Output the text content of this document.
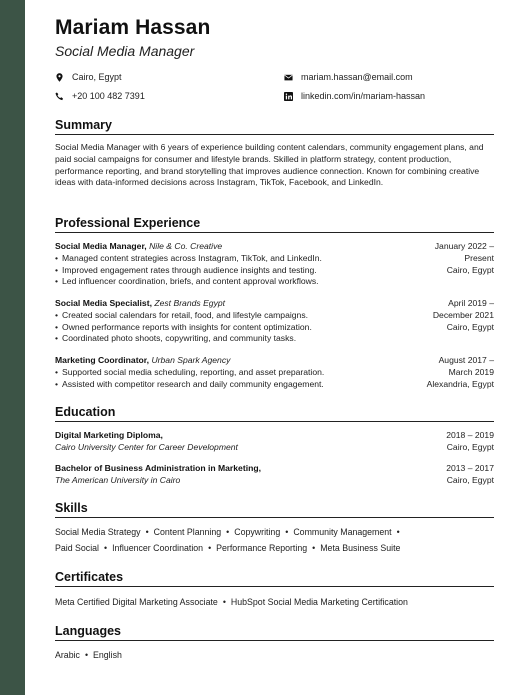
Mariam Hassan
Social Media Manager
Cairo, Egypt
+20 100 482 7391
mariam.hassan@email.com
linkedin.com/in/mariam-hassan
Summary
Social Media Manager with 6 years of experience building content calendars, community engagement plans, and paid social campaigns for consumer and lifestyle brands. Skilled in platform strategy, content production, performance reporting, and brand storytelling that improves audience connection. Known for combining creative ideas with data-informed decisions across Instagram, TikTok, Facebook, and LinkedIn.
Professional Experience
Social Media Manager, Nile & Co. Creative
• Managed content strategies across Instagram, TikTok, and LinkedIn.
• Improved engagement rates through audience insights and testing.
• Led influencer coordination, briefs, and content approval workflows.
January 2022 –
Present
Cairo, Egypt
Social Media Specialist, Zest Brands Egypt
• Created social calendars for retail, food, and lifestyle campaigns.
• Owned performance reports with insights for content optimization.
• Coordinated photo shoots, copywriting, and community tasks.
April 2019 –
December 2021
Cairo, Egypt
Marketing Coordinator, Urban Spark Agency
• Supported social media scheduling, reporting, and asset preparation.
• Assisted with competitor research and daily community engagement.
August 2017 –
March 2019
Alexandria, Egypt
Education
Digital Marketing Diploma,
Cairo University Center for Career Development
2018 – 2019
Cairo, Egypt
Bachelor of Business Administration in Marketing,
The American University in Cairo
2013 – 2017
Cairo, Egypt
Skills
Social Media Strategy • Content Planning • Copywriting • Community Management •
Paid Social • Influencer Coordination • Performance Reporting • Meta Business Suite
Certificates
Meta Certified Digital Marketing Associate • HubSpot Social Media Marketing Certification
Languages
Arabic • English
